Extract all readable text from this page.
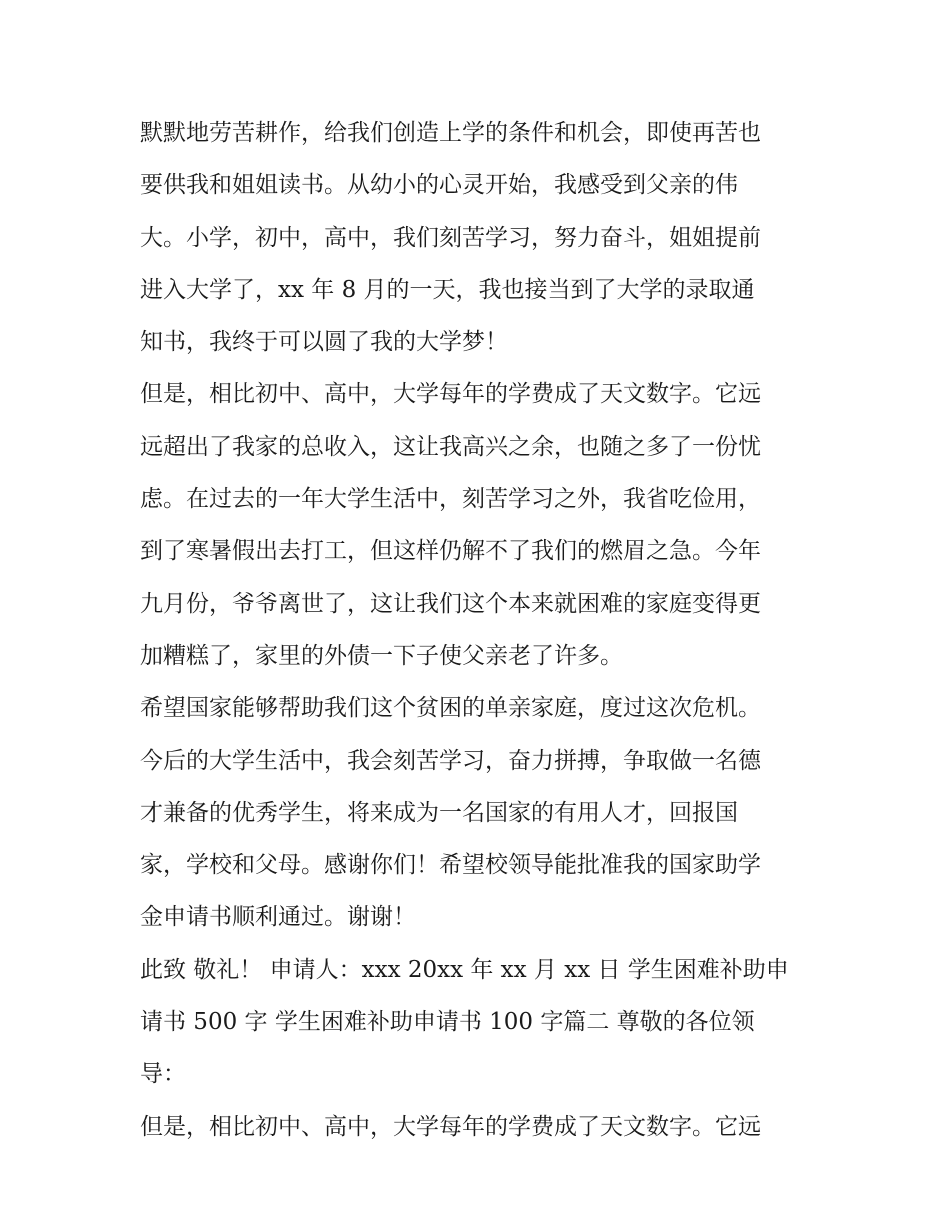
默默地劳苦耕作，给我们创造上学的条件和机会，即使再苦也
要供我和姐姐读书。从幼小的心灵开始，我感受到父亲的伟
大。小学，初中，高中，我们刻苦学习，努力奋斗，姐姐提前
进入大学了，xx 年 8 月的一天，我也接当到了大学的录取通
知书，我终于可以圆了我的大学梦！
但是，相比初中、高中，大学每年的学费成了天文数字。它远
远超出了我家的总收入，这让我高兴之余，也随之多了一份忧
虑。在过去的一年大学生活中，刻苦学习之外，我省吃俭用，
到了寒暑假出去打工，但这样仍解不了我们的燃眉之急。今年
九月份，爷爷离世了，这让我们这个本来就困难的家庭变得更
加糟糕了，家里的外债一下子使父亲老了许多。
希望国家能够帮助我们这个贫困的单亲家庭，度过这次危机。
今后的大学生活中，我会刻苦学习，奋力拼搏，争取做一名德
才兼备的优秀学生，将来成为一名国家的有用人才，回报国
家，学校和父母。感谢你们！希望校领导能批准我的国家助学
金申请书顺利通过。谢谢！
此致 敬礼！ 申请人：xxx 20xx 年 xx 月 xx 日 学生困难补助申
请书 500 字 学生困难补助申请书 100 字篇二 尊敬的各位领
导：
但是，相比初中、高中，大学每年的学费成了天文数字。它远
